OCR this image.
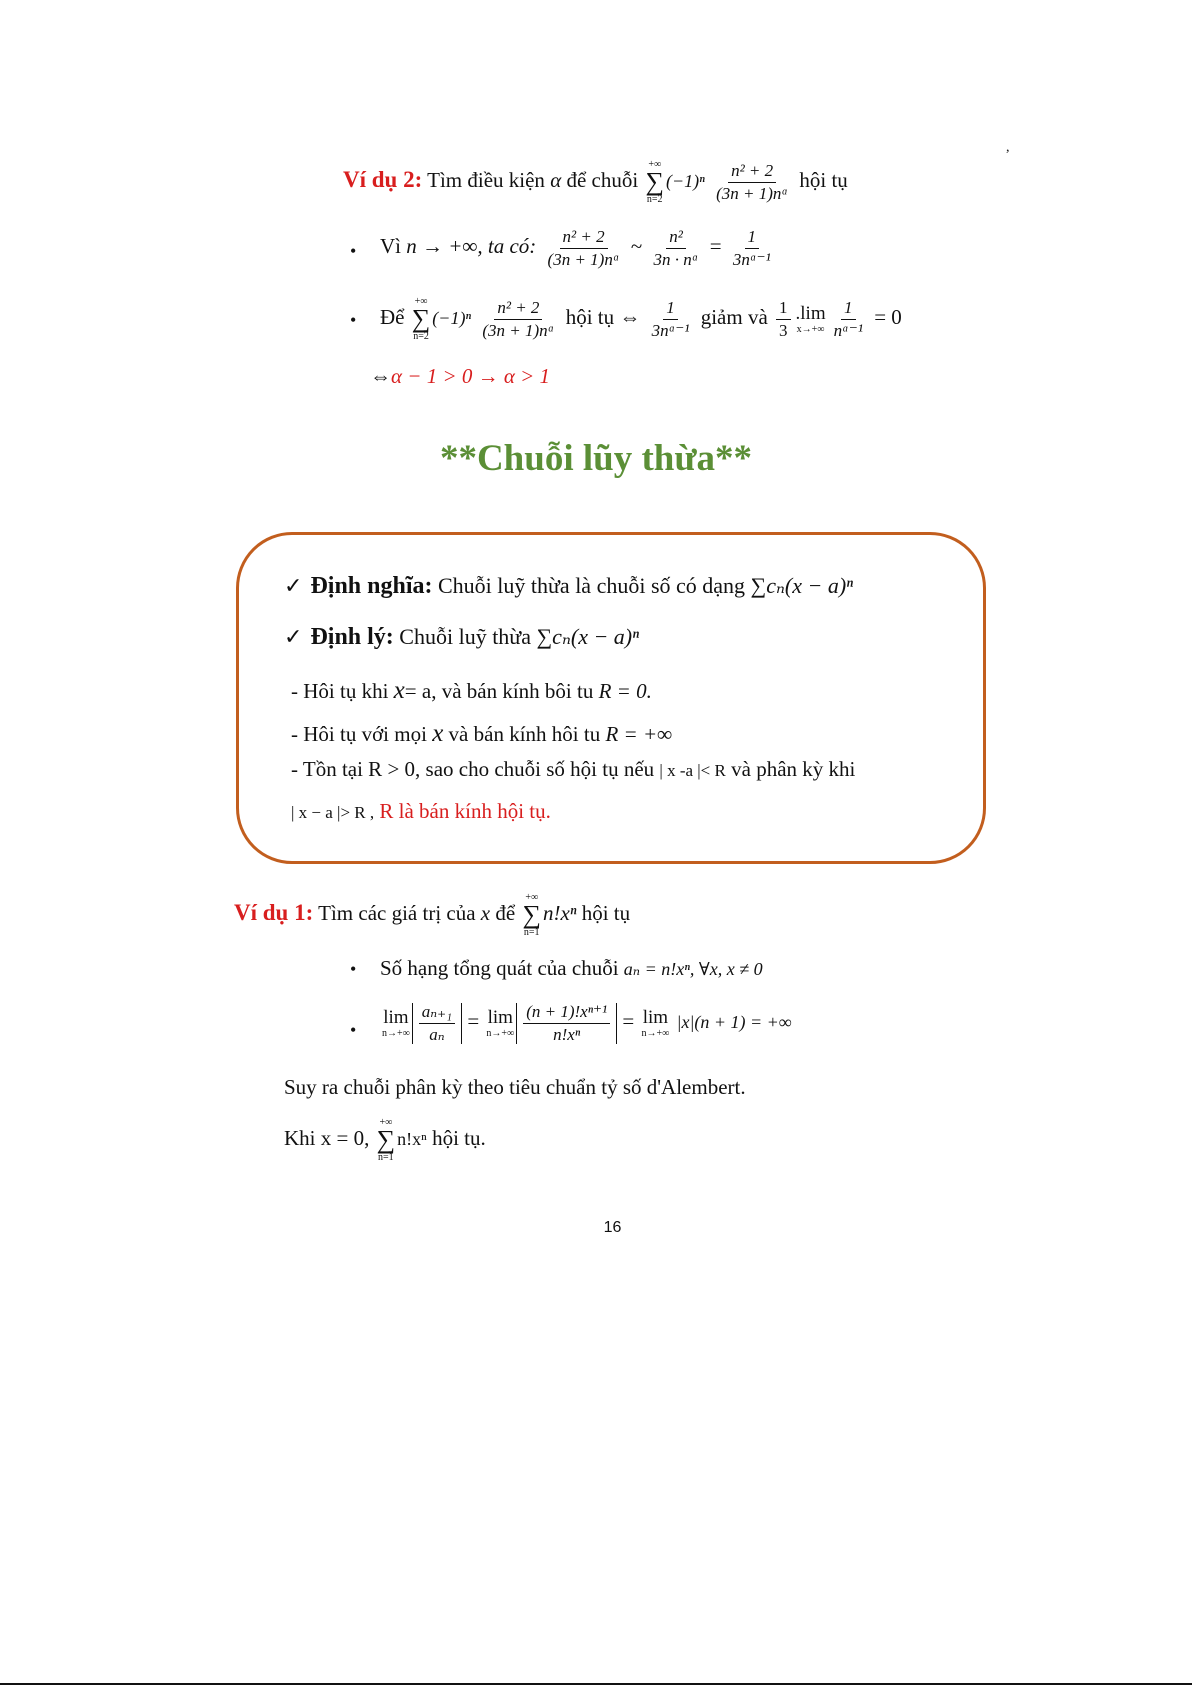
,
Ví dụ 2: Tìm điều kiện α để chuỗi
+∞
∑
n=2
$(-1)^n \frac{\text{n² + 2}}{\text{(3n + 1)nᵅ}}$ hội tụ
• Vì n → +∞, ta có: $\frac{\text{n² + 2}}{\text{(3n + 1)nᵅ}}$ ~ $\frac{\text{n²}}{\text{3n · nᵅ}} = \frac{1}{\text{3nᵅ⁻¹}}$
• Để
+∞
∑
n=2
$(-1)^n \frac{\text{n² + 2}}{\text{(3n + 1)nᵅ}}$ hội tụ ⇔ $\frac{1}{\text{3nᵅ⁻¹}}$ giảm và $\frac{1}{3} .\lim$
$x\to+\infty \frac{1}{\text{nᵅ⁻¹}} = 0$
⇔α − 1 > 0 → α > 1
**Chuỗi lũy thừa**
✓ Định nghĩa: Chuỗi luỹ thừa là chuỗi số có dạng ∑cₙ(x − a)ⁿ
✓ Định lý: Chuỗi luỹ thừa ∑cₙ(x − a)ⁿ
- Hôi tụ khi x= a, và bán kính bôi tu R = 0.
- Hôi tụ với mọi x và bán kính hôi tu R = +∞
- Tồn tại R > 0, sao cho chuỗi số hội tụ nếu | x -a |< R và phân kỳ khi
| x − a |> R , R là bán kính hội tụ.
Ví dụ 1: Tìm các giá trị của x để
+∞
∑
n=1
n!xⁿ hội tụ
• Số hạng tổng quát của chuỗi aₙ = n!xⁿ, ∀x, x ≠ 0
•
lim
$n\to+\infty \frac{\text{aₙ₊₁}}{\text{aₙ}} = \lim$
$n\to+\infty \frac{\text{(n + 1)!xⁿ⁺¹}}{\text{n!xⁿ}} = \lim$
n→+∞
|x|(n + 1) = +∞
Suy ra chuỗi phân kỳ theo tiêu chuẩn tỷ số d'Alembert.
Khi x = 0,
+∞
∑
n=1
n!xⁿ hội tụ.
16
